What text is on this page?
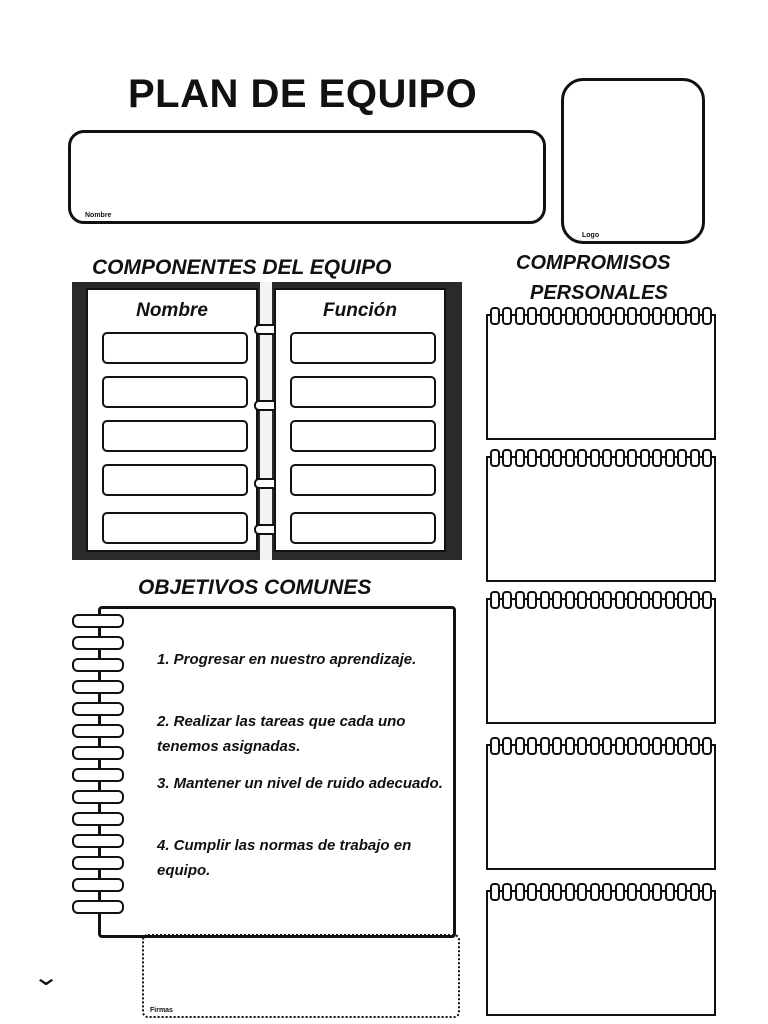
PLAN DE EQUIPO
Nombre
Logo
COMPONENTES DEL EQUIPO
Nombre	Función
OBJETIVOS COMUNES
1. Progresar en nuestro aprendizaje.
2. Realizar las tareas que cada uno tenemos asignadas.
3. Mantener un nivel de ruido adecuado.
4. Cumplir las normas de trabajo en equipo.
Firmas
⌄
COMPROMISOS
PERSONALES
